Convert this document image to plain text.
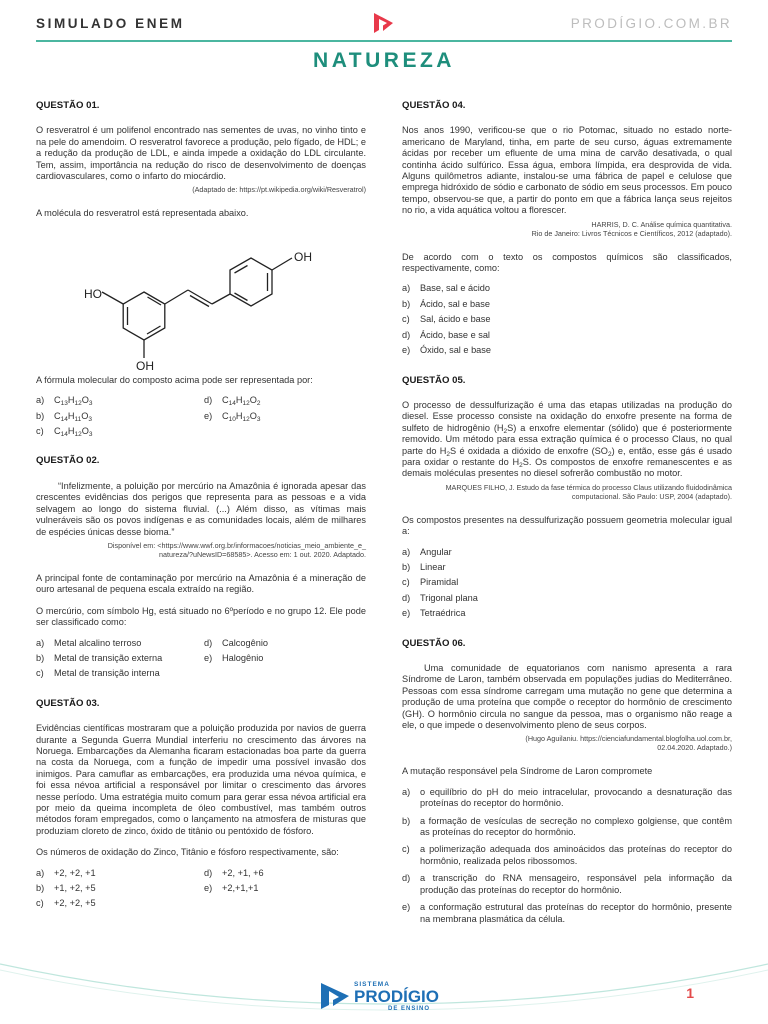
SIMULADO ENEM	PRODÍGIO.COM.BR
NATUREZA
QUESTÃO 01.
O resveratrol é um polifenol encontrado nas sementes de uvas, no vinho tinto e na pele do amendoim. O resveratrol favorece a produção, pelo fígado, de HDL; e a redução da produção de LDL, e ainda impede a oxidação do LDL circulante. Tem, assim, importância na redução do risco de desenvolvimento de doenças cardiovasculares, como o infarto do miocárdio.
(Adaptado de: https://pt.wikipedia.org/wiki/Resveratrol)
A molécula do resveratrol está representada abaixo.
OH
HO
OH
A fórmula molecular do composto acima pode ser representada por:
a)	$C_{13}H_{12}O_3$	d)	$C_{14}H_{12}O_2$
b)	$C_{14}H_{11}O_3$	e)	$C_{10}H_{12}O_3$
c)	$C_{14}H_{12}O_3$
QUESTÃO 02.
“Infelizmente, a poluição por mercúrio na Amazônia é ignorada apesar das crescentes evidências dos perigos que representa para as pessoas e a vida selvagem ao longo do sistema fluvial. (...) Além disso, as vítimas mais vulneráveis são os povos indígenas e as comunidades locais, além de milhares de espécies únicas desse bioma.”
Disponível em: <https://www.wwf.org.br/informacoes/noticias_meio_ambiente_e_
natureza/?uNewsID=68585>. Acesso em: 1 out. 2020. Adaptado.
A principal fonte de contaminação por mercúrio na Amazônia é a mineração de ouro artesanal de pequena escala extraído na região.
O mercúrio, com símbolo Hg, está situado no 6ºperíodo e no grupo 12. Ele pode ser classificado como:
a)	Metal alcalino terroso	d)	Calcogênio
b)	Metal de transição externa	e)	Halogênio
c)	Metal de transição interna
QUESTÃO 03.
Evidências científicas mostraram que a poluição produzida por navios de guerra durante a Segunda Guerra Mundial interferiu no crescimento das árvores na Noruega. Embarcações da Alemanha ficaram estacionadas boa parte da guerra na costa da Noruega, com a função de impedir uma possível invasão dos inimigos. Para camuflar as embarcações, era produzida uma névoa química, e foi essa névoa artificial a responsável por limitar o crescimento das árvores nesse período. Uma estratégia muito comum para gerar essa névoa artificial era por meio da queima incompleta de óleo combustível, mas também outros métodos foram empregados, como o lançamento na atmosfera de misturas que produziam cloreto de zinco, óxido de titânio ou pentóxido de fósforo.
Os números de oxidação do Zinco, Titânio e fósforo respectivamente, são:
a)	+2, +2, +1	d)	+2, +1, +6
b)	+1, +2, +5	e)	+2,+1,+1
c)	+2, +2, +5
QUESTÃO 04.
Nos anos 1990, verificou-se que o rio Potomac, situado no estado norte-americano de Maryland, tinha, em parte de seu curso, águas extremamente ácidas por receber um efluente de uma mina de carvão desativada, o qual continha ácido sulfúrico. Essa água, embora límpida, era desprovida de vida. Alguns quilômetros adiante, instalou-se uma fábrica de papel e celulose que emprega hidróxido de sódio e carbonato de sódio em seus processos. Em pouco tempo, observou-se que, a partir do ponto em que a fábrica lança seus rejeitos no rio, a vida aquática voltou a florescer.
HARRIS, D. C. Análise química quantitativa.
Rio de Janeiro: Livros Técnicos e Científicos, 2012 (adaptado).
De acordo com o texto os compostos químicos são classificados, respectivamente, como:
a)	Base, sal e ácido
b)	Ácido, sal e base
c)	Sal, ácido e base
d)	Ácido, base e sal
e)	Óxido, sal e base
QUESTÃO 05.
O processo de dessulfurização é uma das etapas utilizadas na produção do diesel. Esse processo consiste na oxidação do enxofre presente na forma de sulfeto de hidrogênio $(H_2S)$ a enxofre elementar (sólido) que é posteriormente removido. Um método para essa extração química é o processo Claus, no qual parte do $H_2S$ é oxidada a dióxido de enxofre $(SO_2)$ e, então, esse gás é usado para oxidar o restante do $H_2S$. Os compostos de enxofre remanescentes e as demais moléculas presentes no diesel sofrerão combustão no motor.
MARQUES FILHO, J. Estudo da fase térmica do processo Claus utilizando fluidodinâmica
computacional. São Paulo: USP, 2004 (adaptado).
Os compostos presentes na dessulfurização possuem geometria molecular igual a:
a)	Angular
b)	Linear
c)	Piramidal
d)	Trigonal plana
e)	Tetraédrica
QUESTÃO 06.
Uma comunidade de equatorianos com nanismo apresenta a rara Síndrome de Laron, também observada em populações judias do Mediterrâneo. Pessoas com essa síndrome carregam uma mutação no gene que determina a produção de uma proteína que compõe o receptor do hormônio de crescimento (GH). O hormônio circula no sangue da pessoa, mas o organismo não reage a ele, o que impede o desenvolvimento pleno de seus corpos.
(Hugo Aguilaniu. https://cienciafundamental.blogfolha.uol.com.br,
02.04.2020. Adaptado.)
A mutação responsável pela Síndrome de Laron compromete
a)	o equilíbrio do pH do meio intracelular, provocando a desnaturação das proteínas do receptor do hormônio.
b)	a formação de vesículas de secreção no complexo golgiense, que contêm as proteínas do receptor do hormônio.
c)	a polimerização adequada dos aminoácidos das proteínas do receptor do hormônio, realizada pelos ribossomos.
d)	a transcrição do RNA mensageiro, responsável pela informação da produção das proteínas do receptor do hormônio.
e)	a conformação estrutural das proteínas do receptor do hormônio, presente na membrana plasmática da célula.
SISTEMA
PRODÍGIO
DE ENSINO
1
